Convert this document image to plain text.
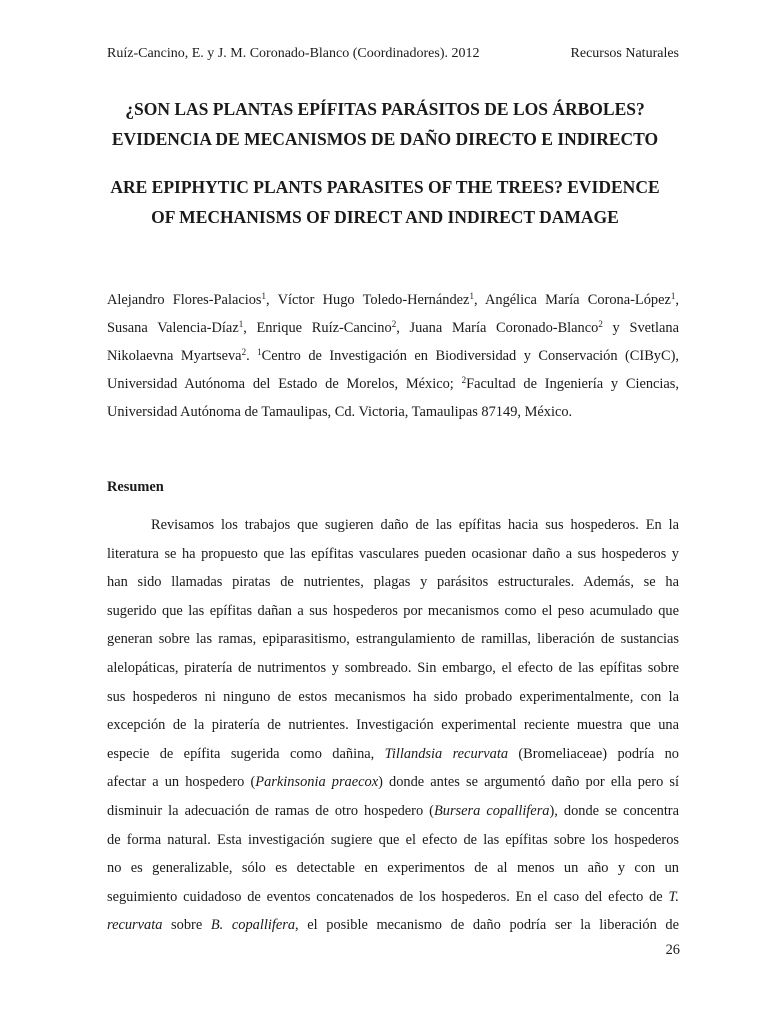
Ruíz-Cancino, E. y J. M. Coronado-Blanco (Coordinadores). 2012	Recursos Naturales
¿SON LAS PLANTAS EPÍFITAS PARÁSITOS DE LOS ÁRBOLES?
EVIDENCIA DE MECANISMOS DE DAÑO DIRECTO E INDIRECTO
ARE EPIPHYTIC PLANTS PARASITES OF THE TREES? EVIDENCE
OF MECHANISMS OF DIRECT AND INDIRECT DAMAGE
Alejandro Flores-Palacios$^1$, Víctor Hugo Toledo-Hernández$^1$, Angélica María Corona-López$^1$,
Susana Valencia-Díaz$^1$, Enrique Ruíz-Cancino$^2$, Juana María Coronado-Blanco$^2$ y Svetlana
Nikolaevna Myartseva$^2$. $^1$Centro de Investigación en Biodiversidad y Conservación (CIByC),
Universidad Autónoma del Estado de Morelos, México; $^2$Facultad de Ingeniería y Ciencias,
Universidad Autónoma de Tamaulipas, Cd. Victoria, Tamaulipas 87149, México.
Resumen
Revisamos los trabajos que sugieren daño de las epífitas hacia sus hospederos. En la
literatura se ha propuesto que las epífitas vasculares pueden ocasionar daño a sus hospederos y
han sido llamadas piratas de nutrientes, plagas y parásitos estructurales. Además, se ha
sugerido que las epífitas dañan a sus hospederos por mecanismos como el peso acumulado que
generan sobre las ramas, epiparasitismo, estrangulamiento de ramillas, liberación de sustancias
alelopáticas, piratería de nutrimentos y sombreado. Sin embargo, el efecto de las epífitas sobre
sus hospederos ni ninguno de estos mecanismos ha sido probado experimentalmente, con la
excepción de la piratería de nutrientes. Investigación experimental reciente muestra que una
especie de epífita sugerida como dañina, Tillandsia recurvata (Bromeliaceae) podría no
afectar a un hospedero (Parkinsonia praecox) donde antes se argumentó daño por ella pero sí
disminuir la adecuación de ramas de otro hospedero (Bursera copallifera), donde se concentra
de forma natural. Esta investigación sugiere que el efecto de las epífitas sobre los hospederos
no es generalizable, sólo es detectable en experimentos de al menos un año y con un
seguimiento cuidadoso de eventos concatenados de los hospederos. En el caso del efecto de T.
recurvata sobre B. copallifera, el posible mecanismo de daño podría ser la liberación de
26
